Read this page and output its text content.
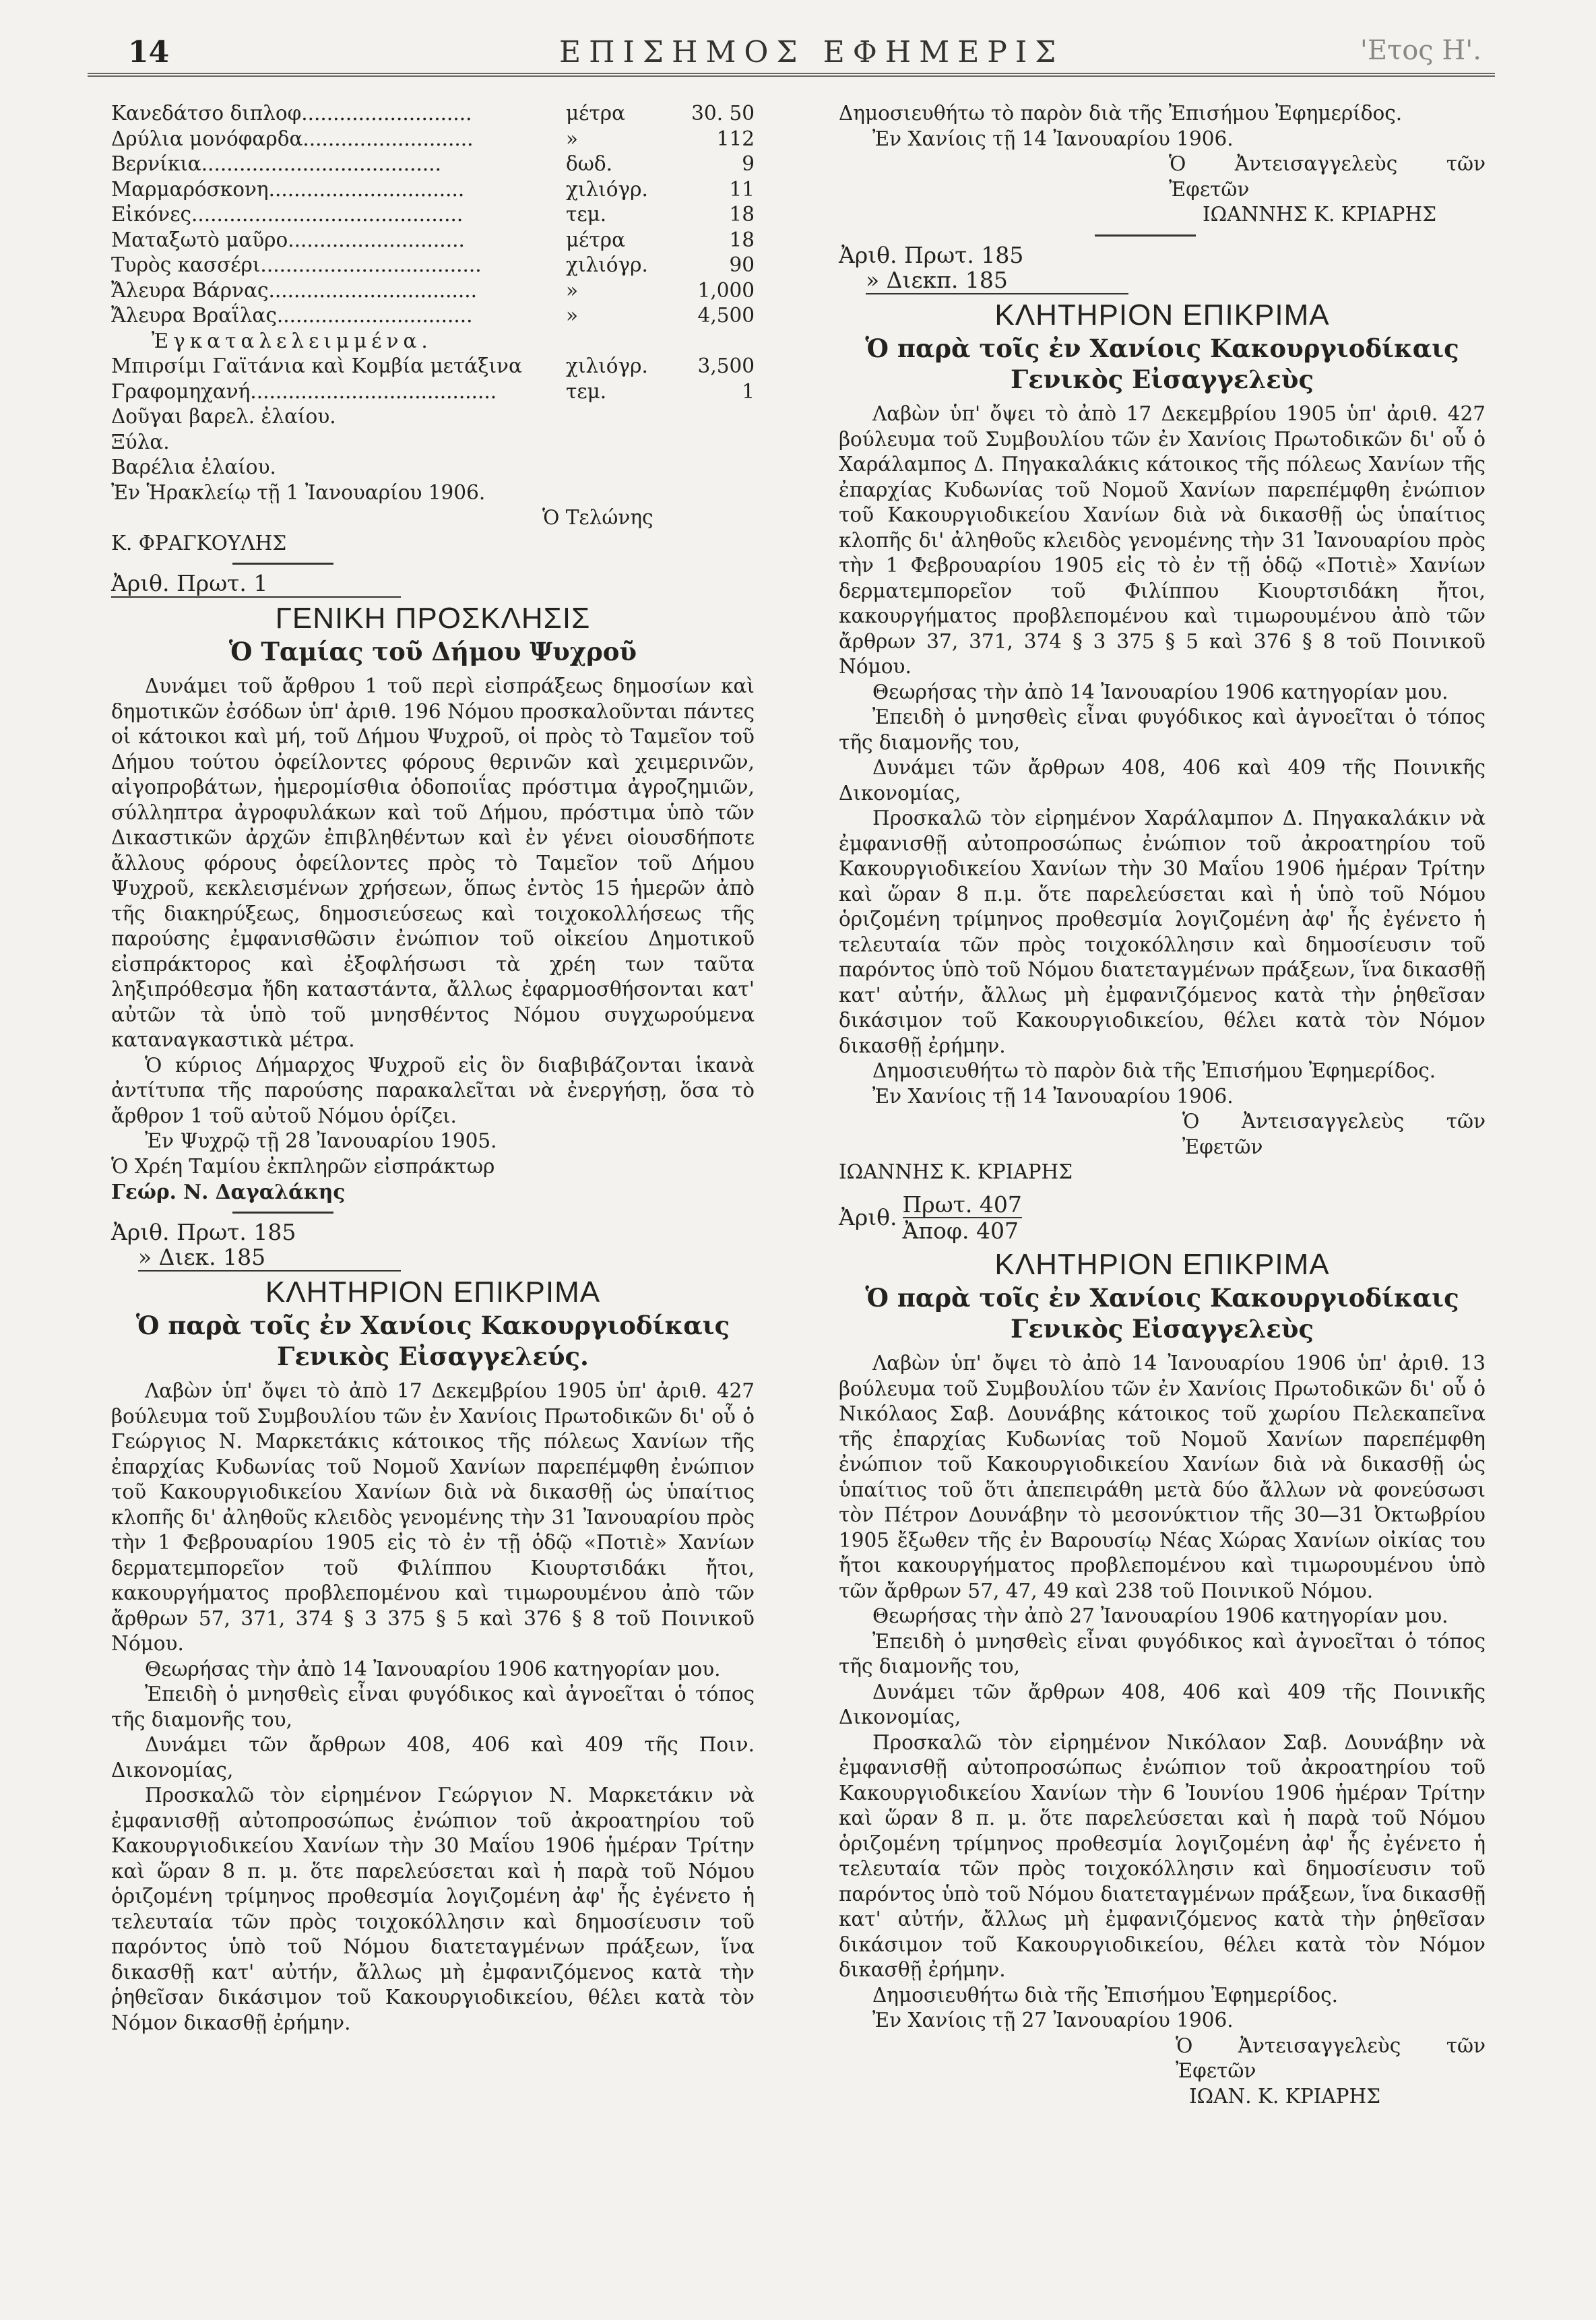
14	ΕΠΙΣΗΜΟΣ ΕΦΗΜΕΡΙΣ	'Ετος Η'.
Κανεδάτσο διπλοφ...........................	μέτρα	30. 50
Δρύλια μονόφαρδα...........................	»	112
Βερνίκια......................................	δωδ.	9
Μαρμαρόσκονη...............................	χιλιόγρ.	11
Εἰκόνες...........................................	τεμ.	18
Ματαξωτὸ μαῦρο............................	μέτρα	18
Τυρὸς κασσέρι...................................	χιλιόγρ.	90
Ἄλευρα Βάρνας.................................	»	1,000
Ἄλευρα Βραΐλας...............................	»	4,500

Ἐγκαταλελειμμένα.

Μπιρσίμι Γαϊτάνια καὶ Κομβία μετάξινα	χιλιόγρ.	3,500
Γραφομηχανή.......................................	τεμ.	1
Δοῦγαι βαρελ. ἐλαίου.
Ξύλα.
Βαρέλια ἐλαίου.

Ἐν Ἡρακλείῳ τῇ 1 Ἰανουαρίου 1906.

Ὁ Τελώνης

Κ. ΦΡΑΓΚΟΥΛΗΣ

Ἀριθ. Πρωτ. 1

ΓΕΝΙΚΗ ΠΡΟΣΚΛΗΣΙΣ
Ὁ Ταμίας τοῦ Δήμου Ψυχροῦ

Δυνάμει τοῦ ἄρθρου 1 τοῦ περὶ εἰσπράξεως δημοσίων καὶ δημοτικῶν ἐσόδων ὑπ' ἀριθ. 196 Νόμου προσκαλοῦνται πάντες οἱ κάτοικοι καὶ μή, τοῦ Δήμου Ψυχροῦ, οἱ πρὸς τὸ Ταμεῖον τοῦ Δήμου τούτου ὀφείλοντες φόρους θερινῶν καὶ χειμερινῶν, αἰγοπροβάτων, ἡμερομίσθια ὁδοποιΐας πρόστιμα ἀγροζημιῶν, σύλληπτρα ἀγροφυλάκων καὶ τοῦ Δήμου, πρόστιμα ὑπὸ τῶν Δικαστικῶν ἀρχῶν ἐπιβληθέντων καὶ ἐν γένει οἱουσδήποτε ἄλλους φόρους ὀφείλοντες πρὸς τὸ Ταμεῖον τοῦ Δήμου Ψυχροῦ, κεκλεισμένων χρήσεων, ὅπως ἐντὸς 15 ἡμερῶν ἀπὸ τῆς διακηρύξεως, δημοσιεύσεως καὶ τοιχοκολλήσεως τῆς παρούσης ἐμφανισθῶσιν ἐνώπιον τοῦ οἰκείου Δημοτικοῦ εἰσπράκτορος καὶ ἐξοφλήσωσι τὰ χρέη των ταῦτα ληξιπρόθεσμα ἤδη καταστάντα, ἄλλως ἐφαρμοσθήσονται κατ' αὐτῶν τὰ ὑπὸ τοῦ μνησθέντος Νόμου συγχωρούμενα καταναγκαστικὰ μέτρα.

Ὁ κύριος Δήμαρχος Ψυχροῦ εἰς ὃν διαβιβάζονται ἱκανὰ ἀντίτυπα τῆς παρούσης παρακαλεῖται νὰ ἐνεργήσῃ, ὅσα τὸ ἄρθρον 1 τοῦ αὐτοῦ Νόμου ὁρίζει.

Ἐν Ψυχρῷ τῇ 28 Ἰανουαρίου 1905.

Ὁ Χρέη Ταμίου ἐκπληρῶν εἰσπράκτωρ

Γεώρ. Ν. Δαγαλάκης

Ἀριθ. Πρωτ. 185

» Διεκ. 185

ΚΛΗΤΗΡΙΟΝ ΕΠΙΚΡΙΜΑ
Ὁ παρὰ τοῖς ἐν Χανίοις Κακουργιοδίκαις Γενικὸς Εἰσαγγελεύς.

Λαβὼν ὑπ' ὄψει τὸ ἀπὸ 17 Δεκεμβρίου 1905 ὑπ' ἀριθ. 427 βούλευμα τοῦ Συμβουλίου τῶν ἐν Χανίοις Πρωτοδικῶν δι' οὗ ὁ Γεώργιος Ν. Μαρκετάκις κάτοικος τῆς πόλεως Χανίων τῆς ἐπαρχίας Κυδωνίας τοῦ Νομοῦ Χανίων παρεπέμφθη ἐνώπιον τοῦ Κακουργιοδικείου Χανίων διὰ νὰ δικασθῇ ὡς ὑπαίτιος κλοπῆς δι' ἀληθοῦς κλειδὸς γενομένης τὴν 31 Ἰανουαρίου πρὸς τὴν 1 Φεβρουαρίου 1905 εἰς τὸ ἐν τῇ ὁδῷ «Ποτιὲ» Χανίων δερματεμπορεῖον τοῦ Φιλίππου Κιουρτσιδάκι ἤτοι, κακουργήματος προβλεπομένου καὶ τιμωρουμένου ἀπὸ τῶν ἄρθρων 57, 371, 374 § 3 375 § 5 καὶ 376 § 8 τοῦ Ποινικοῦ Νόμου.

Θεωρήσας τὴν ἀπὸ 14 Ἰανουαρίου 1906 κατηγορίαν μου.

Ἐπειδὴ ὁ μνησθεὶς εἶναι φυγόδικος καὶ ἀγνοεῖται ὁ τόπος τῆς διαμονῆς του,

Δυνάμει τῶν ἄρθρων 408, 406 καὶ 409 τῆς Ποιν. Δικονομίας,

Προσκαλῶ τὸν εἰρημένον Γεώργιον Ν. Μαρκετάκιν νὰ ἐμφανισθῇ αὐτοπροσώπως ἐνώπιον τοῦ ἀκροατηρίου τοῦ Κακουργιοδικείου Χανίων τὴν 30 Μαΐου 1906 ἡμέραν Τρίτην καὶ ὥραν 8 π. μ. ὅτε παρελεύσεται καὶ ἡ παρὰ τοῦ Νόμου ὁριζομένη τρίμηνος προθεσμία λογιζομένη ἀφ' ἧς ἐγένετο ἡ τελευταία τῶν πρὸς τοιχοκόλλησιν καὶ δημοσίευσιν τοῦ παρόντος ὑπὸ τοῦ Νόμου διατεταγμένων πράξεων, ἵνα δικασθῇ κατ' αὐτήν, ἄλλως μὴ ἐμφανιζόμενος κατὰ τὴν ῥηθεῖσαν δικάσιμον τοῦ Κακουργιοδικείου, θέλει κατὰ τὸν Νόμον δικασθῇ ἐρήμην.

Δημοσιευθήτω τὸ παρὸν διὰ τῆς Ἐπισήμου Ἐφημερίδος.

Ἐν Χανίοις τῇ 14 Ἰανουαρίου 1906.

Ὁ Ἀντεισαγγελεὺς τῶν Ἐφετῶν

ΙΩΑΝΝΗΣ Κ. ΚΡΙΑΡΗΣ

Ἀριθ. Πρωτ. 185

» Διεκπ. 185

ΚΛΗΤΗΡΙΟΝ ΕΠΙΚΡΙΜΑ
Ὁ παρὰ τοῖς ἐν Χανίοις Κακουργιοδίκαις Γενικὸς Εἰσαγγελεὺς

Λαβὼν ὑπ' ὄψει τὸ ἀπὸ 17 Δεκεμβρίου 1905 ὑπ' ἀριθ. 427 βούλευμα τοῦ Συμβουλίου τῶν ἐν Χανίοις Πρωτοδικῶν δι' οὗ ὁ Χαράλαμπος Δ. Πηγακαλάκις κάτοικος τῆς πόλεως Χανίων τῆς ἐπαρχίας Κυδωνίας τοῦ Νομοῦ Χανίων παρεπέμφθη ἐνώπιον τοῦ Κακουργιοδικείου Χανίων διὰ νὰ δικασθῇ ὡς ὑπαίτιος κλοπῆς δι' ἀληθοῦς κλειδὸς γενομένης τὴν 31 Ἰανουαρίου πρὸς τὴν 1 Φεβρουαρίου 1905 εἰς τὸ ἐν τῇ ὁδῷ «Ποτιὲ» Χανίων δερματεμπορεῖον τοῦ Φιλίππου Κιουρτσιδάκη ἤτοι, κακουργήματος προβλεπομένου καὶ τιμωρουμένου ἀπὸ τῶν ἄρθρων 37, 371, 374 § 3 375 § 5 καὶ 376 § 8 τοῦ Ποινικοῦ Νόμου.

Θεωρήσας τὴν ἀπὸ 14 Ἰανουαρίου 1906 κατηγορίαν μου.

Ἐπειδὴ ὁ μνησθεὶς εἶναι φυγόδικος καὶ ἀγνοεῖται ὁ τόπος τῆς διαμονῆς του,

Δυνάμει τῶν ἄρθρων 408, 406 καὶ 409 τῆς Ποινικῆς Δικονομίας,

Προσκαλῶ τὸν εἰρημένον Χαράλαμπον Δ. Πηγακαλάκιν νὰ ἐμφανισθῇ αὐτοπροσώπως ἐνώπιον τοῦ ἀκροατηρίου τοῦ Κακουργιοδικείου Χανίων τὴν 30 Μαΐου 1906 ἡμέραν Τρίτην καὶ ὥραν 8 π.μ. ὅτε παρελεύσεται καὶ ἡ ὑπὸ τοῦ Νόμου ὁριζομένη τρίμηνος προθεσμία λογιζομένη ἀφ' ἧς ἐγένετο ἡ τελευταία τῶν πρὸς τοιχοκόλλησιν καὶ δημοσίευσιν τοῦ παρόντος ὑπὸ τοῦ Νόμου διατεταγμένων πράξεων, ἵνα δικασθῇ κατ' αὐτήν, ἄλλως μὴ ἐμφανιζόμενος κατὰ τὴν ῥηθεῖσαν δικάσιμον τοῦ Κακουργιοδικείου, θέλει κατὰ τὸν Νόμον δικασθῇ ἐρήμην.

Δημοσιευθήτω τὸ παρὸν διὰ τῆς Ἐπισήμου Ἐφημερίδος.

Ἐν Χανίοις τῇ 14 Ἰανουαρίου 1906.

Ὁ Ἀντεισαγγελεὺς τῶν Ἐφετῶν

ΙΩΑΝΝΗΣ Κ. ΚΡΙΑΡΗΣ

Ἀριθ. $\frac{\text{Πρωτ. 407}}{\text{Ἀποφ. 407}}$
ΚΛΗΤΗΡΙΟΝ ΕΠΙΚΡΙΜΑ
Ὁ παρὰ τοῖς ἐν Χανίοις Κακουργιοδίκαις Γενικὸς Εἰσαγγελεὺς

Λαβὼν ὑπ' ὄψει τὸ ἀπὸ 14 Ἰανουαρίου 1906 ὑπ' ἀριθ. 13 βούλευμα τοῦ Συμβουλίου τῶν ἐν Χανίοις Πρωτοδικῶν δι' οὗ ὁ Νικόλαος Σαβ. Δουνάβης κάτοικος τοῦ χωρίου Πελεκαπεῖνα τῆς ἐπαρχίας Κυδωνίας τοῦ Νομοῦ Χανίων παρεπέμφθη ἐνώπιον τοῦ Κακουργιοδικείου Χανίων διὰ νὰ δικασθῇ ὡς ὑπαίτιος τοῦ ὅτι ἀπεπειράθη μετὰ δύο ἄλλων νὰ φονεύσωσι τὸν Πέτρον Δουνάβην τὸ μεσονύκτιον τῆς 30—31 Ὀκτωβρίου 1905 ἔξωθεν τῆς ἐν Βαρουσίῳ Νέας Χώρας Χανίων οἰκίας του ἤτοι κακουργήματος προβλεπομένου καὶ τιμωρουμένου ὑπὸ τῶν ἄρθρων 57, 47, 49 καὶ 238 τοῦ Ποινικοῦ Νόμου.

Θεωρήσας τὴν ἀπὸ 27 Ἰανουαρίου 1906 κατηγορίαν μου.

Ἐπειδὴ ὁ μνησθεὶς εἶναι φυγόδικος καὶ ἀγνοεῖται ὁ τόπος τῆς διαμονῆς του,

Δυνάμει τῶν ἄρθρων 408, 406 καὶ 409 τῆς Ποινικῆς Δικονομίας,

Προσκαλῶ τὸν εἰρημένον Νικόλαον Σαβ. Δουνάβην νὰ ἐμφανισθῇ αὐτοπροσώπως ἐνώπιον τοῦ ἀκροατηρίου τοῦ Κακουργιοδικείου Χανίων τὴν 6 Ἰουνίου 1906 ἡμέραν Τρίτην καὶ ὥραν 8 π. μ. ὅτε παρελεύσεται καὶ ἡ παρὰ τοῦ Νόμου ὁριζομένη τρίμηνος προθεσμία λογιζομένη ἀφ' ἧς ἐγένετο ἡ τελευταία τῶν πρὸς τοιχοκόλλησιν καὶ δημοσίευσιν τοῦ παρόντος ὑπὸ τοῦ Νόμου διατεταγμένων πράξεων, ἵνα δικασθῇ κατ' αὐτήν, ἄλλως μὴ ἐμφανιζόμενος κατὰ τὴν ῥηθεῖσαν δικάσιμον τοῦ Κακουργιοδικείου, θέλει κατὰ τὸν Νόμον δικασθῇ ἐρήμην.

Δημοσιευθήτω διὰ τῆς Ἐπισήμου Ἐφημερίδος.

Ἐν Χανίοις τῇ 27 Ἰανουαρίου 1906.

Ὁ Ἀντεισαγγελεὺς τῶν Ἐφετῶν

ΙΩΑΝ. Κ. ΚΡΙΑΡΗΣ
